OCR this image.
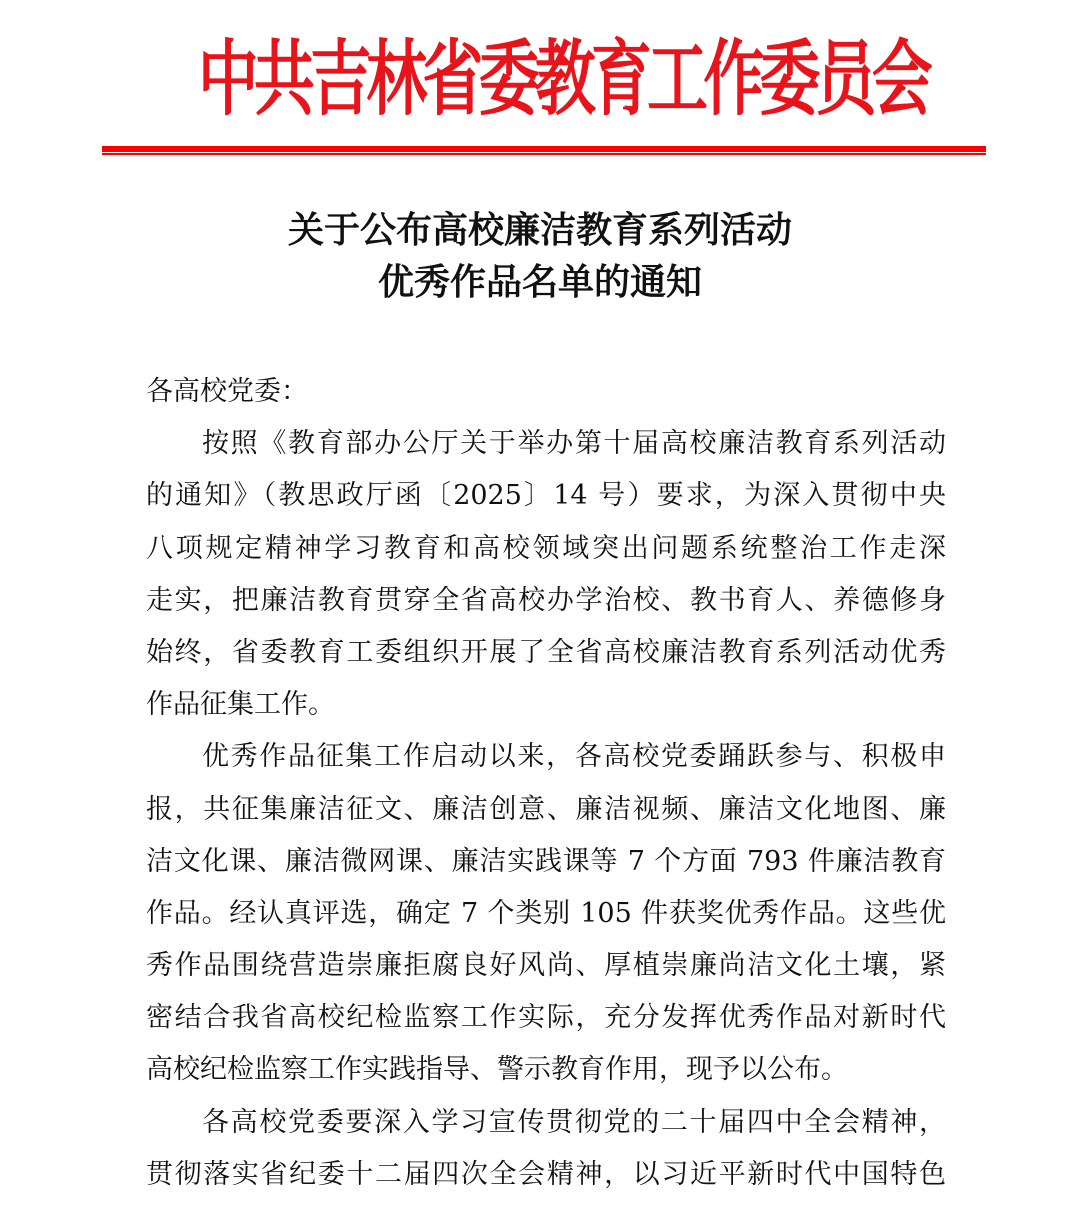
中共吉林省委教育工作委员会
关于公布高校廉洁教育系列活动
优秀作品名单的通知
各高校党委：
按照《教育部办公厅关于举办第十届高校廉洁教育系列活动
的通知》（教思政厅函〔2025〕14 号）要求，为深入贯彻中央
八项规定精神学习教育和高校领域突出问题系统整治工作走深
走实，把廉洁教育贯穿全省高校办学治校、教书育人、养德修身
始终，省委教育工委组织开展了全省高校廉洁教育系列活动优秀
作品征集工作。
优秀作品征集工作启动以来，各高校党委踊跃参与、积极申
报，共征集廉洁征文、廉洁创意、廉洁视频、廉洁文化地图、廉
洁文化课、廉洁微网课、廉洁实践课等 7 个方面 793 件廉洁教育
作品。经认真评选，确定 7 个类别 105 件获奖优秀作品。这些优
秀作品围绕营造崇廉拒腐良好风尚、厚植崇廉尚洁文化土壤，紧
密结合我省高校纪检监察工作实际，充分发挥优秀作品对新时代
高校纪检监察工作实践指导、警示教育作用，现予以公布。
各高校党委要深入学习宣传贯彻党的二十届四中全会精神，
贯彻落实省纪委十二届四次全会精神，以习近平新时代中国特色
